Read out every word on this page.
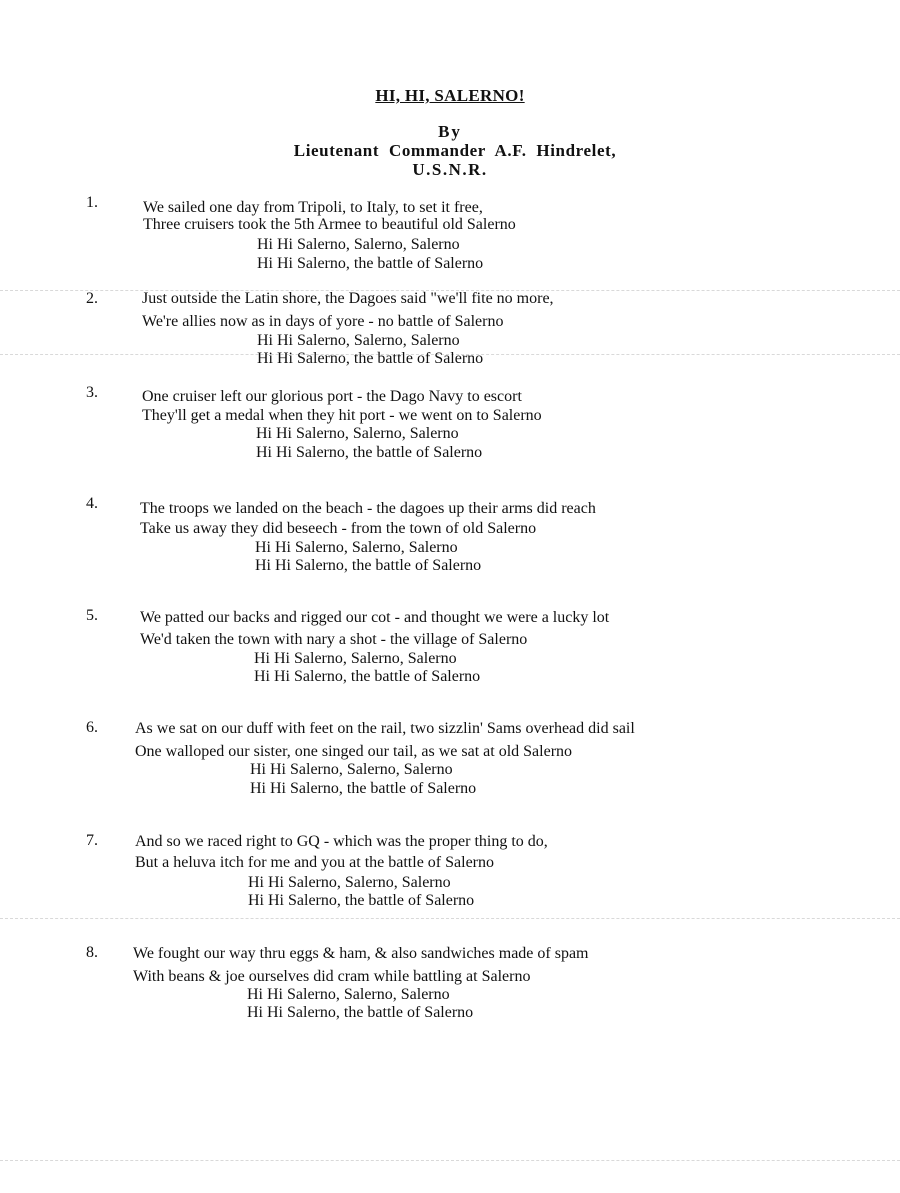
HI, HI, SALERNO!
By
Lieutenant Commander A.F. Hindrelet,
U.S.N.R.
1.	We sailed one day from Tripoli, to Italy, to set it free,
Three cruisers took the 5th Armee to beautiful old Salerno
Hi Hi Salerno, Salerno, Salerno
Hi Hi Salerno, the battle of Salerno
2.	Just outside the Latin shore, the Dagoes said "we'll fite no more,
We're allies now as in days of yore - no battle of Salerno
Hi Hi Salerno, Salerno, Salerno
Hi Hi Salerno, the battle of Salerno
3.	One cruiser left our glorious port - the Dago Navy to escort
They'll get a medal when they hit port - we went on to Salerno
Hi Hi Salerno, Salerno, Salerno
Hi Hi Salerno, the battle of Salerno
4.	The troops we landed on the beach - the dagoes up their arms did reach
Take us away they did beseech - from the town of old Salerno
Hi Hi Salerno, Salerno, Salerno
Hi Hi Salerno, the battle of Salerno
5.	We patted our backs and rigged our cot - and thought we were a lucky lot
We'd taken the town with nary a shot - the village of Salerno
Hi Hi Salerno, Salerno, Salerno
Hi Hi Salerno, the battle of Salerno
6. As we sat on our duff with feet on the rail, two sizzlin' Sams overhead did sail
One walloped our sister, one singed our tail, as we sat at old Salerno
Hi Hi Salerno, Salerno, Salerno
Hi Hi Salerno, the battle of Salerno
7. And so we raced right to GQ - which was the proper thing to do,
But a heluva itch for me and you at the battle of Salerno
Hi Hi Salerno, Salerno, Salerno
Hi Hi Salerno, the battle of Salerno
8. We fought our way thru eggs & ham, & also sandwiches made of spam
With beans & joe ourselves did cram while battling at Salerno
Hi Hi Salerno, Salerno, Salerno
Hi Hi Salerno, the battle of Salerno
